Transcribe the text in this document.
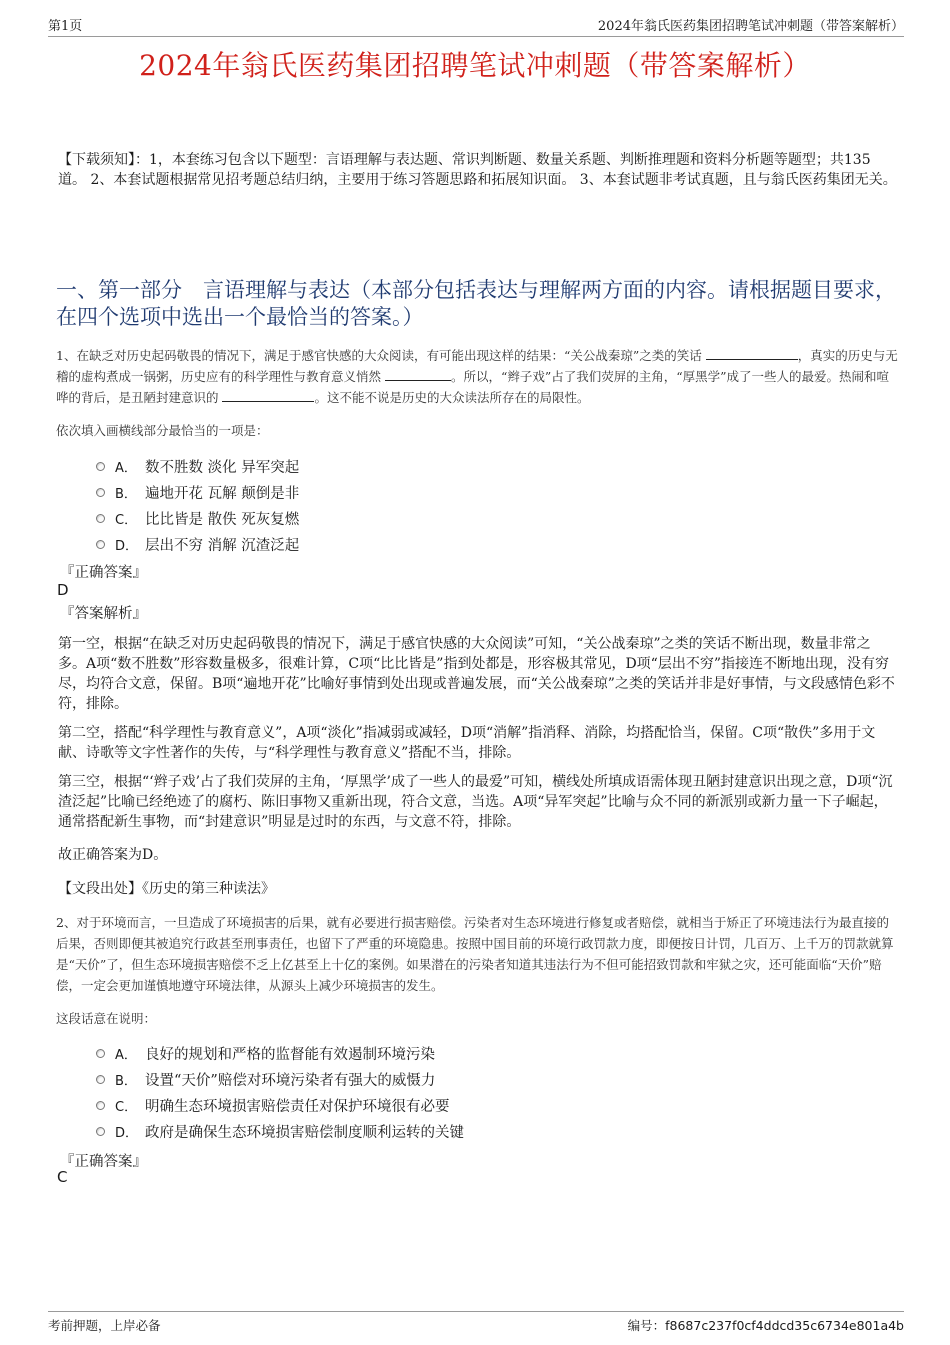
第1页	2024年翁氏医药集团招聘笔试冲刺题（带答案解析）
2024年翁氏医药集团招聘笔试冲刺题（带答案解析）

【下载须知】：1，本套练习包含以下题型：言语理解与表达题、常识判断题、数量关系题、判断推理题和资料分析题等题型；共135道。 2、本套试题根据常见招考题总结归纳，主要用于练习答题思路和拓展知识面。 3、本套试题非考试真题，且与翁氏医药集团无关。

一、第一部分　言语理解与表达（本部分包括表达与理解两方面的内容。请根据题目要求，在四个选项中选出一个最恰当的答案。）

1、在缺乏对历史起码敬畏的情况下，满足于感官快感的大众阅读，有可能出现这样的结果：“关公战秦琼”之类的笑话	，真实的历史与无稽的虚构煮成一锅粥，历史应有的科学理性与教育意义悄然	。所以，“辫子戏”占了我们荧屏的主角，“厚黑学”成了一些人的最爱。热闹和喧哗的背后，是丑陋封建意识的	。这不能不说是历史的大众读法所存在的局限性。

依次填入画横线部分最恰当的一项是：

A． 数不胜数 淡化 异军突起
B． 遍地开花 瓦解 颠倒是非
C． 比比皆是 散佚 死灰复燃
D． 层出不穷 消解 沉渣泛起

『正确答案』

D

『答案解析』

第一空，根据“在缺乏对历史起码敬畏的情况下，满足于感官快感的大众阅读”可知，“关公战秦琼”之类的笑话不断出现，数量非常之多。A项“数不胜数”形容数量极多，很难计算，C项“比比皆是”指到处都是，形容极其常见，D项“层出不穷”指接连不断地出现，没有穷尽，均符合文意，保留。B项“遍地开花”比喻好事情到处出现或普遍发展，而“关公战秦琼”之类的笑话并非是好事情，与文段感情色彩不符，排除。

第二空，搭配“科学理性与教育意义”，A项“淡化”指减弱或减轻，D项“消解”指消释、消除，均搭配恰当，保留。C项“散佚”多用于文献、诗歌等文字性著作的失传，与“科学理性与教育意义”搭配不当，排除。

第三空，根据“‘辫子戏’占了我们荧屏的主角，‘厚黑学’成了一些人的最爱”可知，横线处所填成语需体现丑陋封建意识出现之意，D项“沉渣泛起”比喻已经绝迹了的腐朽、陈旧事物又重新出现，符合文意，当选。A项“异军突起”比喻与众不同的新派别或新力量一下子崛起，通常搭配新生事物，而“封建意识”明显是过时的东西，与文意不符，排除。

故正确答案为D。

【文段出处】《历史的第三种读法》

2、对于环境而言，一旦造成了环境损害的后果，就有必要进行损害赔偿。污染者对生态环境进行修复或者赔偿，就相当于矫正了环境违法行为最直接的后果，否则即便其被追究行政甚至刑事责任，也留下了严重的环境隐患。按照中国目前的环境行政罚款力度，即便按日计罚，几百万、上千万的罚款就算是“天价”了，但生态环境损害赔偿不乏上亿甚至上十亿的案例。如果潜在的污染者知道其违法行为不但可能招致罚款和牢狱之灾，还可能面临“天价”赔偿，一定会更加谨慎地遵守环境法律，从源头上减少环境损害的发生。

这段话意在说明：

A． 良好的规划和严格的监督能有效遏制环境污染
B． 设置“天价”赔偿对环境污染者有强大的威慑力
C． 明确生态环境损害赔偿责任对保护环境很有必要
D． 政府是确保生态环境损害赔偿制度顺利运转的关键

『正确答案』

C

考前押题，上岸必备	编号：f8687c237f0cf4ddcd35c6734e801a4b
